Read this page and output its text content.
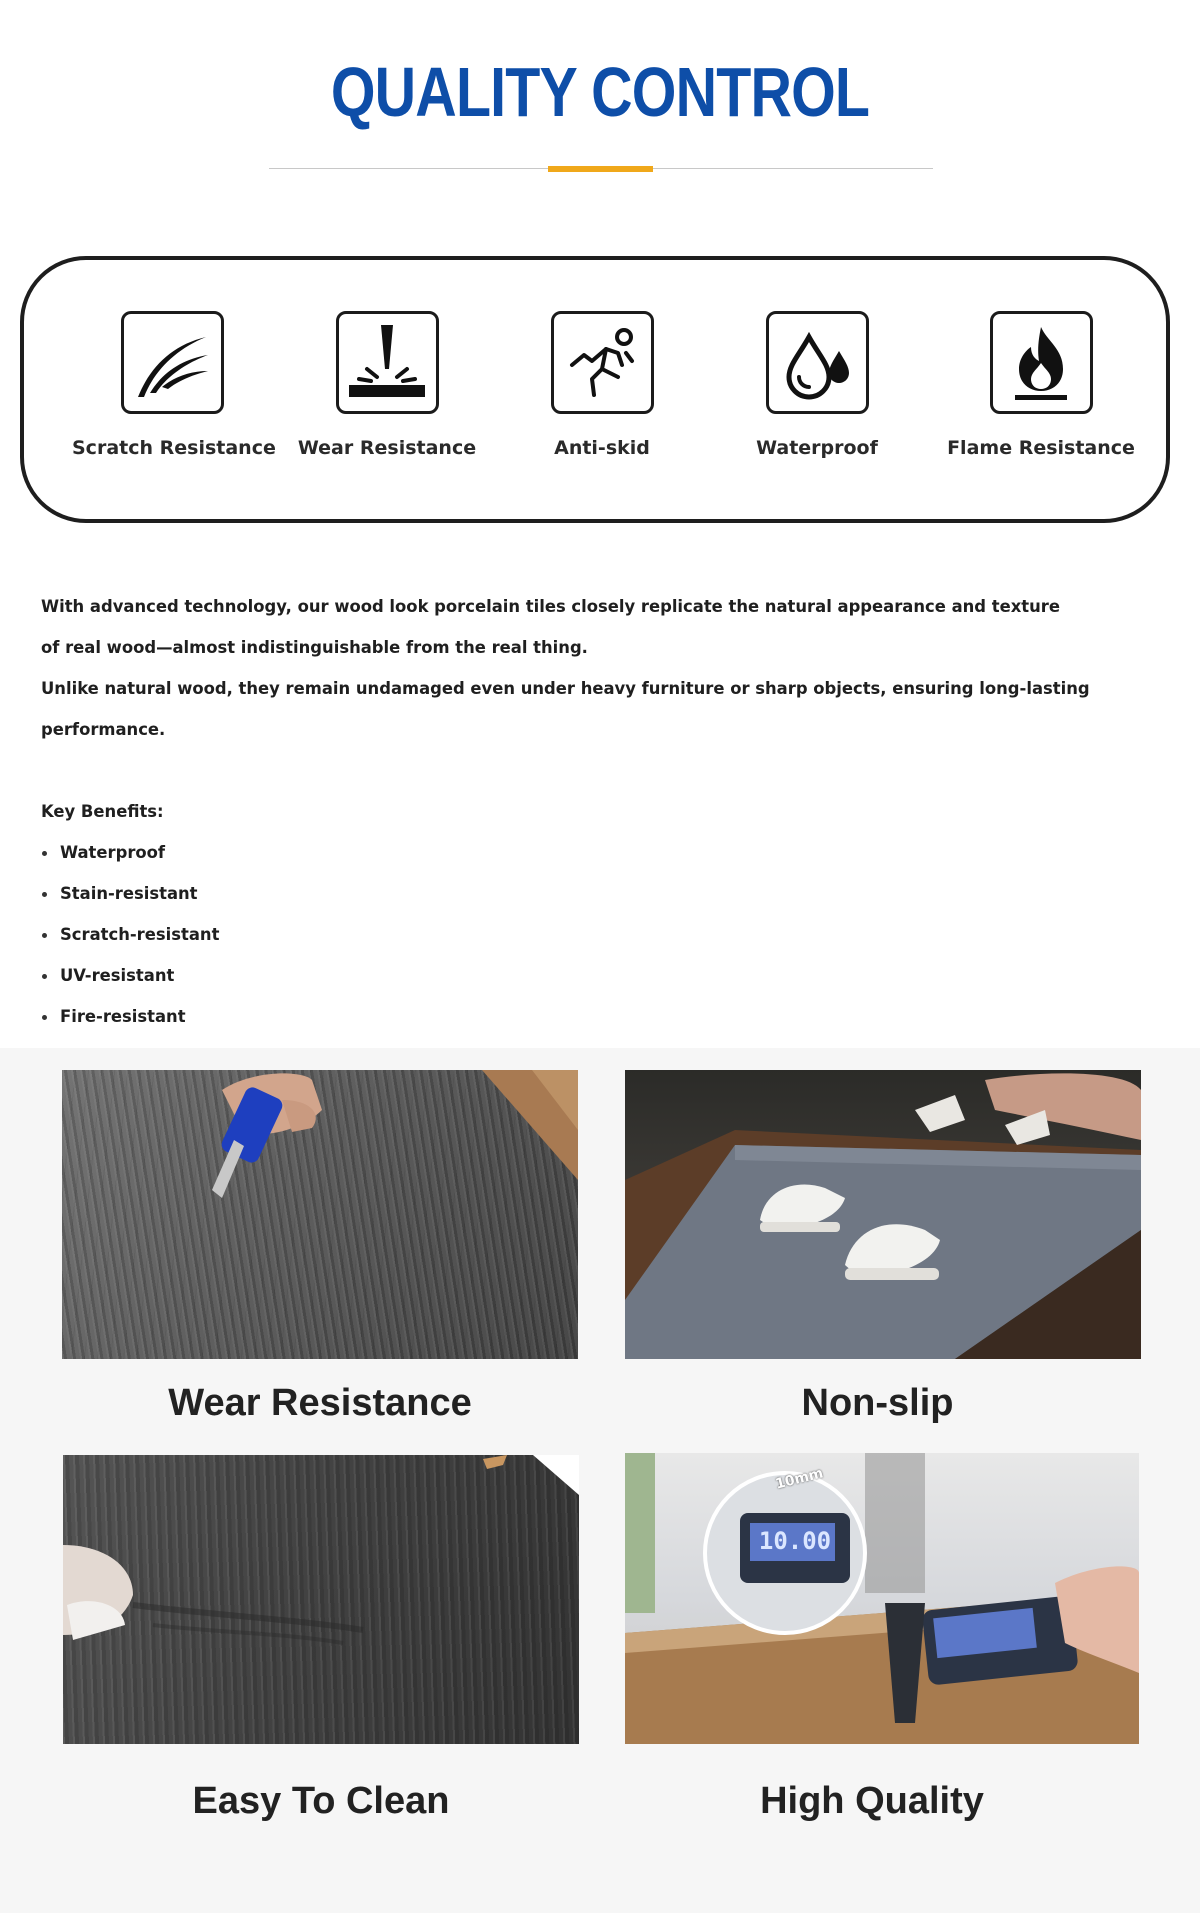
QUALITY CONTROL
Scratch Resistance	Wear Resistance	Anti-skid	Waterproof	Flame Resistance

With advanced technology, our wood look porcelain tiles closely replicate the natural appearance and texture of real wood—almost indistinguishable from the real thing.

Unlike natural wood, they remain undamaged even under heavy furniture or sharp objects, ensuring long-lasting performance.

Key Benefits:

Waterproof
Stain-resistant
Scratch-resistant
UV-resistant
Fire-resistant
Wear Resistance	Non-slip
Easy To Clean
10.00
10mm
High Quality
